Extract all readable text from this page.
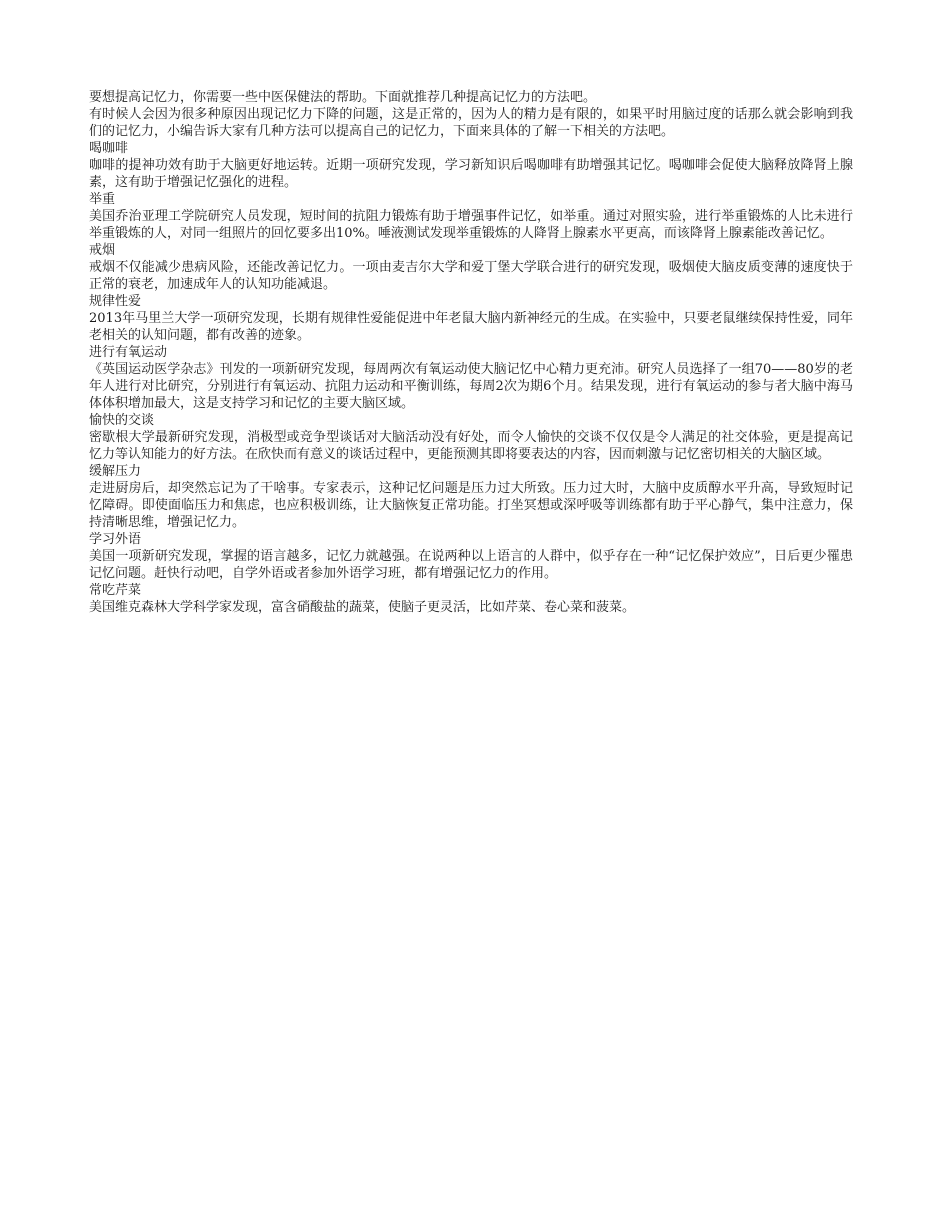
要想提高记忆力，你需要一些中医保健法的帮助。下面就推荐几种提高记忆力的方法吧。

有时候人会因为很多种原因出现记忆力下降的问题，这是正常的，因为人的精力是有限的，如果平时用脑过度的话那么就会影响到我们的记忆力，小编告诉大家有几种方法可以提高自己的记忆力，下面来具体的了解一下相关的方法吧。

喝咖啡

咖啡的提神功效有助于大脑更好地运转。近期一项研究发现，学习新知识后喝咖啡有助增强其记忆。喝咖啡会促使大脑释放降肾上腺素，这有助于增强记忆强化的进程。

举重

美国乔治亚理工学院研究人员发现，短时间的抗阻力锻炼有助于增强事件记忆，如举重。通过对照实验，进行举重锻炼的人比未进行举重锻炼的人，对同一组照片的回忆要多出10%。唾液测试发现举重锻炼的人降肾上腺素水平更高，而该降肾上腺素能改善记忆。

戒烟

戒烟不仅能减少患病风险，还能改善记忆力。一项由麦吉尔大学和爱丁堡大学联合进行的研究发现，吸烟使大脑皮质变薄的速度快于正常的衰老，加速成年人的认知功能减退。

规律性爱

2013年马里兰大学一项研究发现，长期有规律性爱能促进中年老鼠大脑内新神经元的生成。在实验中，只要老鼠继续保持性爱，同年老相关的认知问题，都有改善的迹象。

进行有氧运动

《英国运动医学杂志》刊发的一项新研究发现，每周两次有氧运动使大脑记忆中心精力更充沛。研究人员选择了一组70——80岁的老年人进行对比研究，分别进行有氧运动、抗阻力运动和平衡训练，每周2次为期6个月。结果发现，进行有氧运动的参与者大脑中海马体体积增加最大，这是支持学习和记忆的主要大脑区域。

愉快的交谈

密歇根大学最新研究发现，消极型或竞争型谈话对大脑活动没有好处，而令人愉快的交谈不仅仅是令人满足的社交体验，更是提高记忆力等认知能力的好方法。在欣快而有意义的谈话过程中，更能预测其即将要表达的内容，因而刺激与记忆密切相关的大脑区域。

缓解压力

走进厨房后，却突然忘记为了干啥事。专家表示，这种记忆问题是压力过大所致。压力过大时，大脑中皮质醇水平升高，导致短时记忆障碍。即使面临压力和焦虑，也应积极训练，让大脑恢复正常功能。打坐冥想或深呼吸等训练都有助于平心静气，集中注意力，保持清晰思维，增强记忆力。

学习外语

美国一项新研究发现，掌握的语言越多，记忆力就越强。在说两种以上语言的人群中，似乎存在一种“记忆保护效应”，日后更少罹患记忆问题。赶快行动吧，自学外语或者参加外语学习班，都有增强记忆力的作用。

常吃芹菜

美国维克森林大学科学家发现，富含硝酸盐的蔬菜，使脑子更灵活，比如芹菜、卷心菜和菠菜。
